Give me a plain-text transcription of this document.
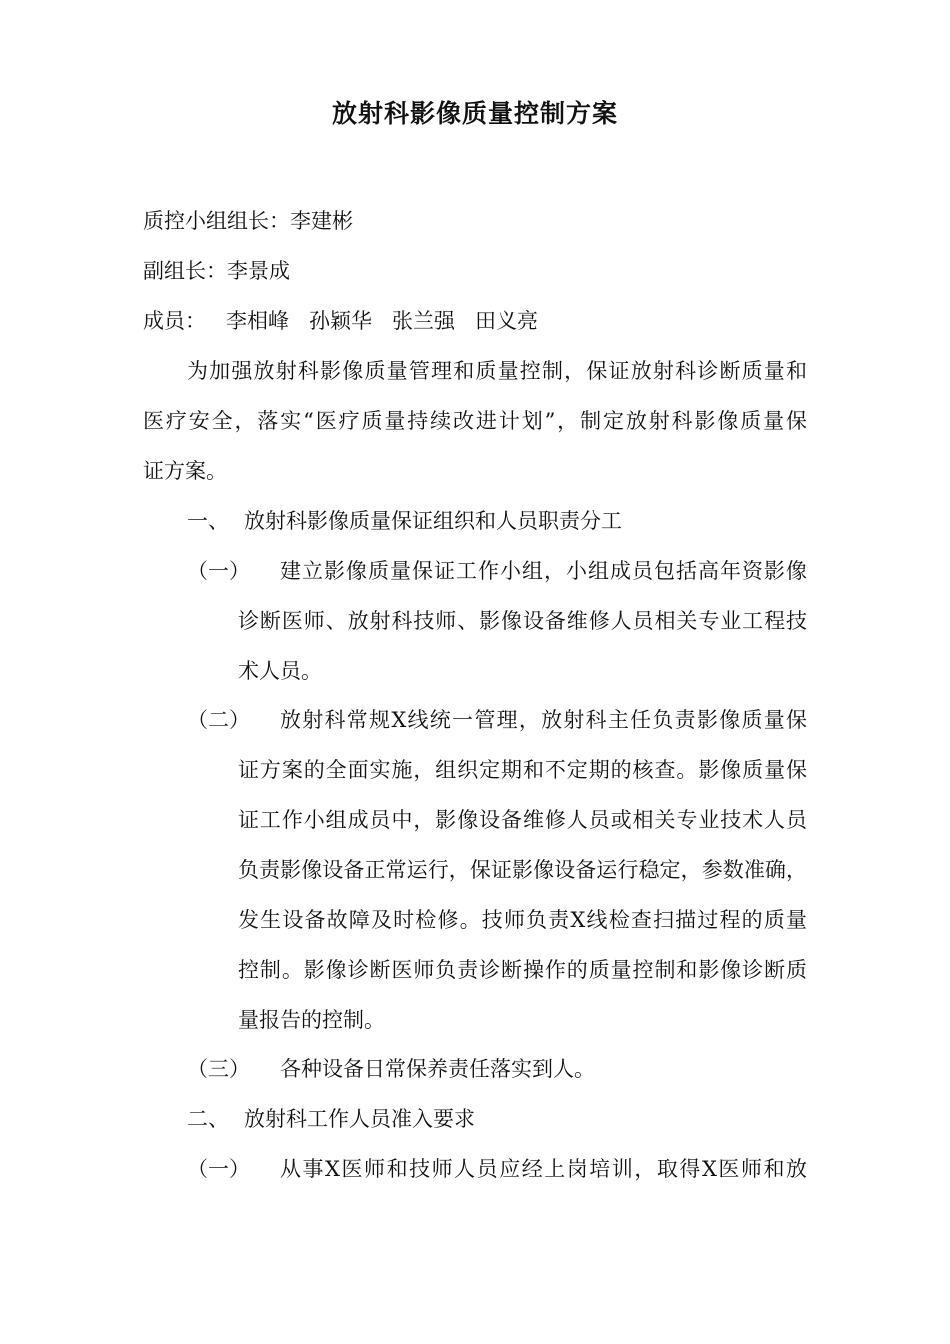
放射科影像质量控制方案
质控小组组长：李建彬
副组长：李景成
成员： 李相峰 孙颖华 张兰强 田义亮
为加强放射科影像质量管理和质量控制，保证放射科诊断质量和
医疗安全，落实“医疗质量持续改进计划”，制定放射科影像质量保
证方案。
一、 放射科影像质量保证组织和人员职责分工
（一） 建立影像质量保证工作小组，小组成员包括高年资影像
诊断医师、放射科技师、影像设备维修人员相关专业工程技
术人员。
（二） 放射科常规X线统一管理，放射科主任负责影像质量保
证方案的全面实施，组织定期和不定期的核查。影像质量保
证工作小组成员中，影像设备维修人员或相关专业技术人员
负责影像设备正常运行，保证影像设备运行稳定，参数准确，
发生设备故障及时检修。技师负责X线检查扫描过程的质量
控制。影像诊断医师负责诊断操作的质量控制和影像诊断质
量报告的控制。
（三） 各种设备日常保养责任落实到人。
二、 放射科工作人员准入要求
（一） 从事X医师和技师人员应经上岗培训，取得X医师和放
